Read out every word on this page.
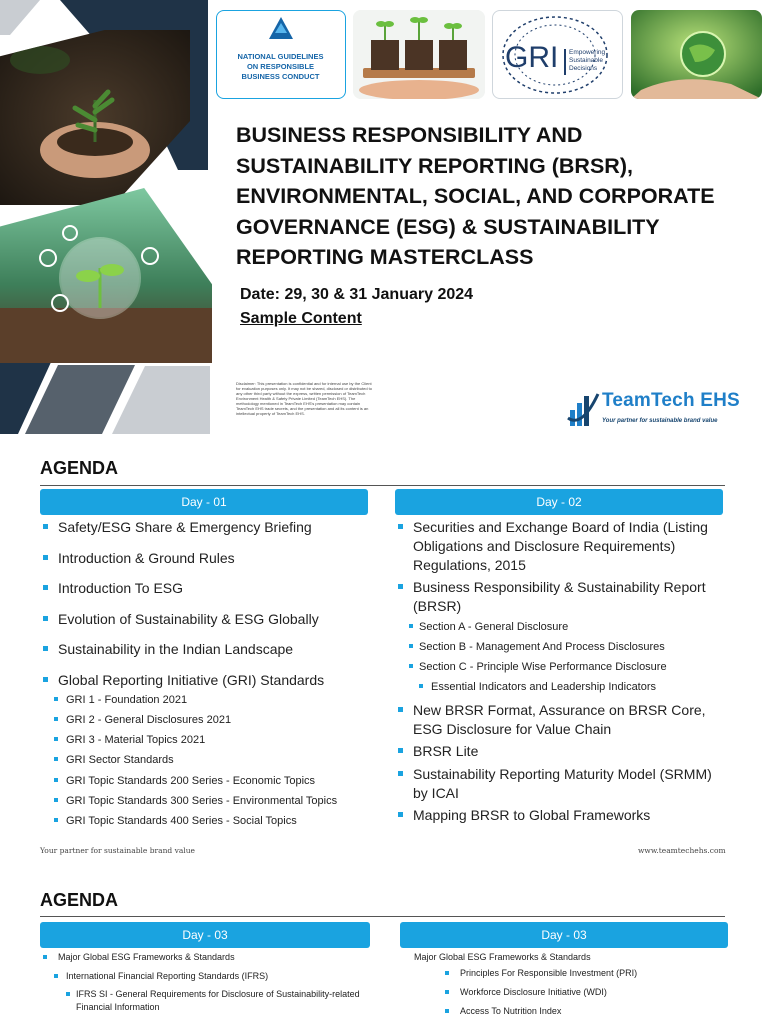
NATIONAL GUIDELINES
ON RESPONSIBLE
BUSINESS CONDUCT
GRI Empowering
Sustainable
Decisions
BUSINESS RESPONSIBILITY AND
SUSTAINABILITY REPORTING (BRSR),
ENVIRONMENTAL, SOCIAL, AND CORPORATE
GOVERNANCE (ESG) & SUSTAINABILITY
REPORTING MASTERCLASS
Date: 29, 30 & 31 January 2024
Sample Content
Disclaimer: This presentation is confidential and for internal use by the Client for evaluation purposes only. It may not be shared, disclosed or distributed to any other third party without the express, written permission of TeamTech Environment Health & Safety Private Limited (TeamTech EHS). The methodology mentioned in TeamTech EHS's presentation may contain TeamTech EHS trade secrets, and the presentation and all its content is an intellectual property of TeamTech EHS.
TeamTech EHS
Your partner for sustainable brand value
AGENDA
Day - 01	Day - 02
Safety/ESG Share & Emergency Briefing
Introduction & Ground Rules
Introduction To ESG
Evolution of Sustainability & ESG Globally
Sustainability in the Indian Landscape
Global Reporting Initiative (GRI) Standards
GRI 1 - Foundation 2021
GRI 2 - General Disclosures 2021
GRI 3 - Material Topics 2021
GRI Sector Standards
GRI Topic Standards 200 Series - Economic Topics
GRI Topic Standards 300 Series - Environmental Topics
GRI Topic Standards 400 Series - Social Topics
Securities and Exchange Board of India (Listing Obligations and Disclosure Requirements) Regulations, 2015
Business Responsibility & Sustainability Report (BRSR)
Section A - General Disclosure
Section B - Management And Process Disclosures
Section C - Principle Wise Performance Disclosure
Essential Indicators and Leadership Indicators
New BRSR Format, Assurance on BRSR Core, ESG Disclosure for Value Chain
BRSR Lite
Sustainability Reporting Maturity Model (SRMM) by ICAI
Mapping BRSR to Global Frameworks
Your partner for sustainable brand value	www.teamtechehs.com
AGENDA
Day - 03	Day - 03
Major Global ESG Frameworks & Standards
International Financial Reporting Standards (IFRS)
IFRS SI - General Requirements for Disclosure of Sustainability-related Financial Information
Major Global ESG Frameworks & Standards
Principles For Responsible Investment (PRI)
Workforce Disclosure Initiative (WDI)
Access To Nutrition Index
